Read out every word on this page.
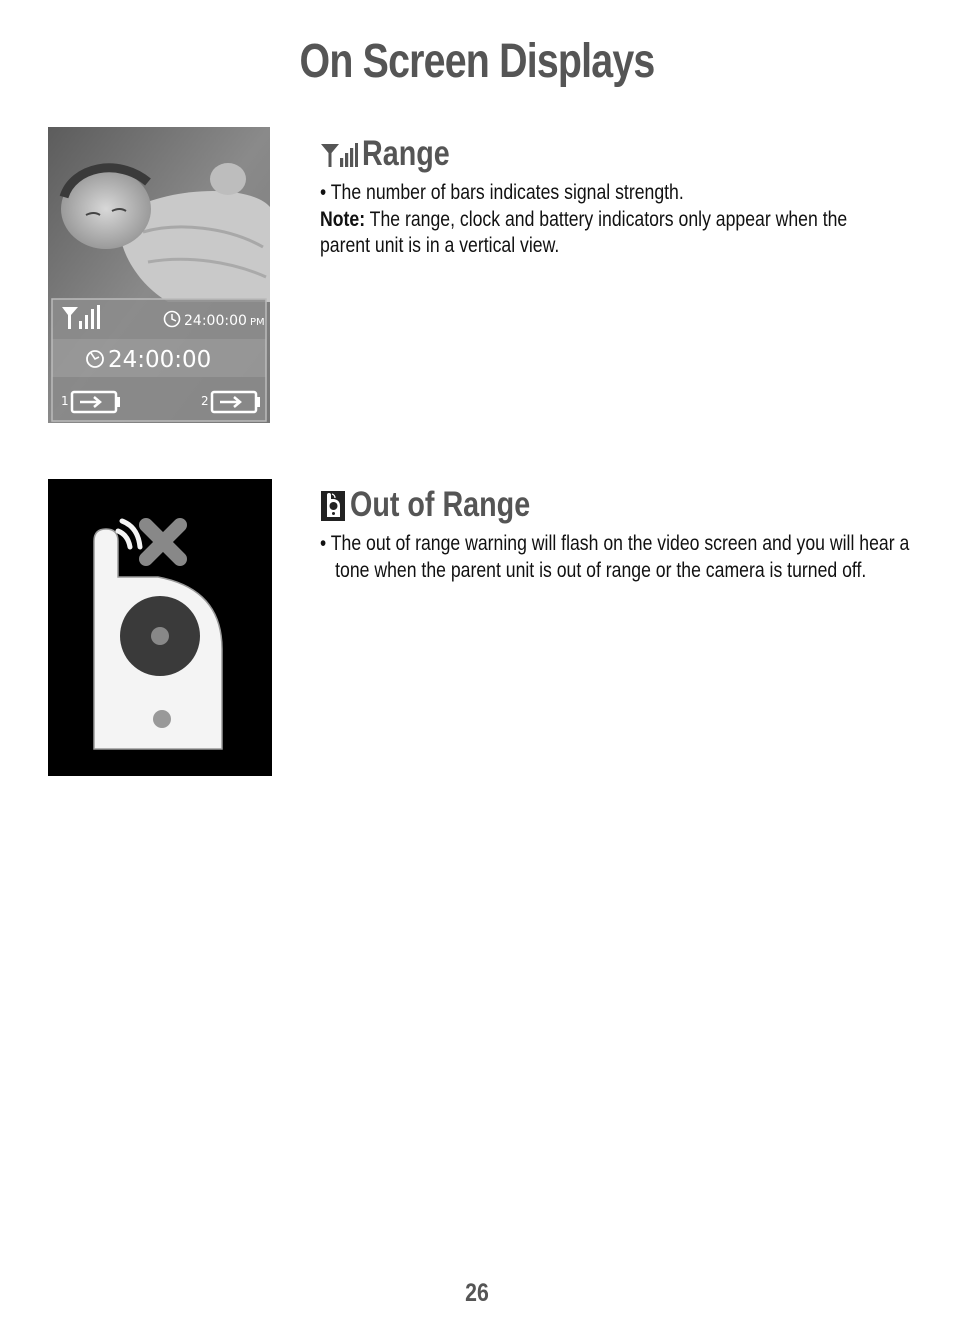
On Screen Displays
24:00:00 PM
24:00:00
1	2
Range

• The number of bars indicates signal strength.

Note: The range, clock and battery indicators only appear when the parent unit is in a vertical view.

Out of Range

• The out of range warning will flash on the video screen and you will hear a tone when the parent unit is out of range or the camera is turned off.

26
